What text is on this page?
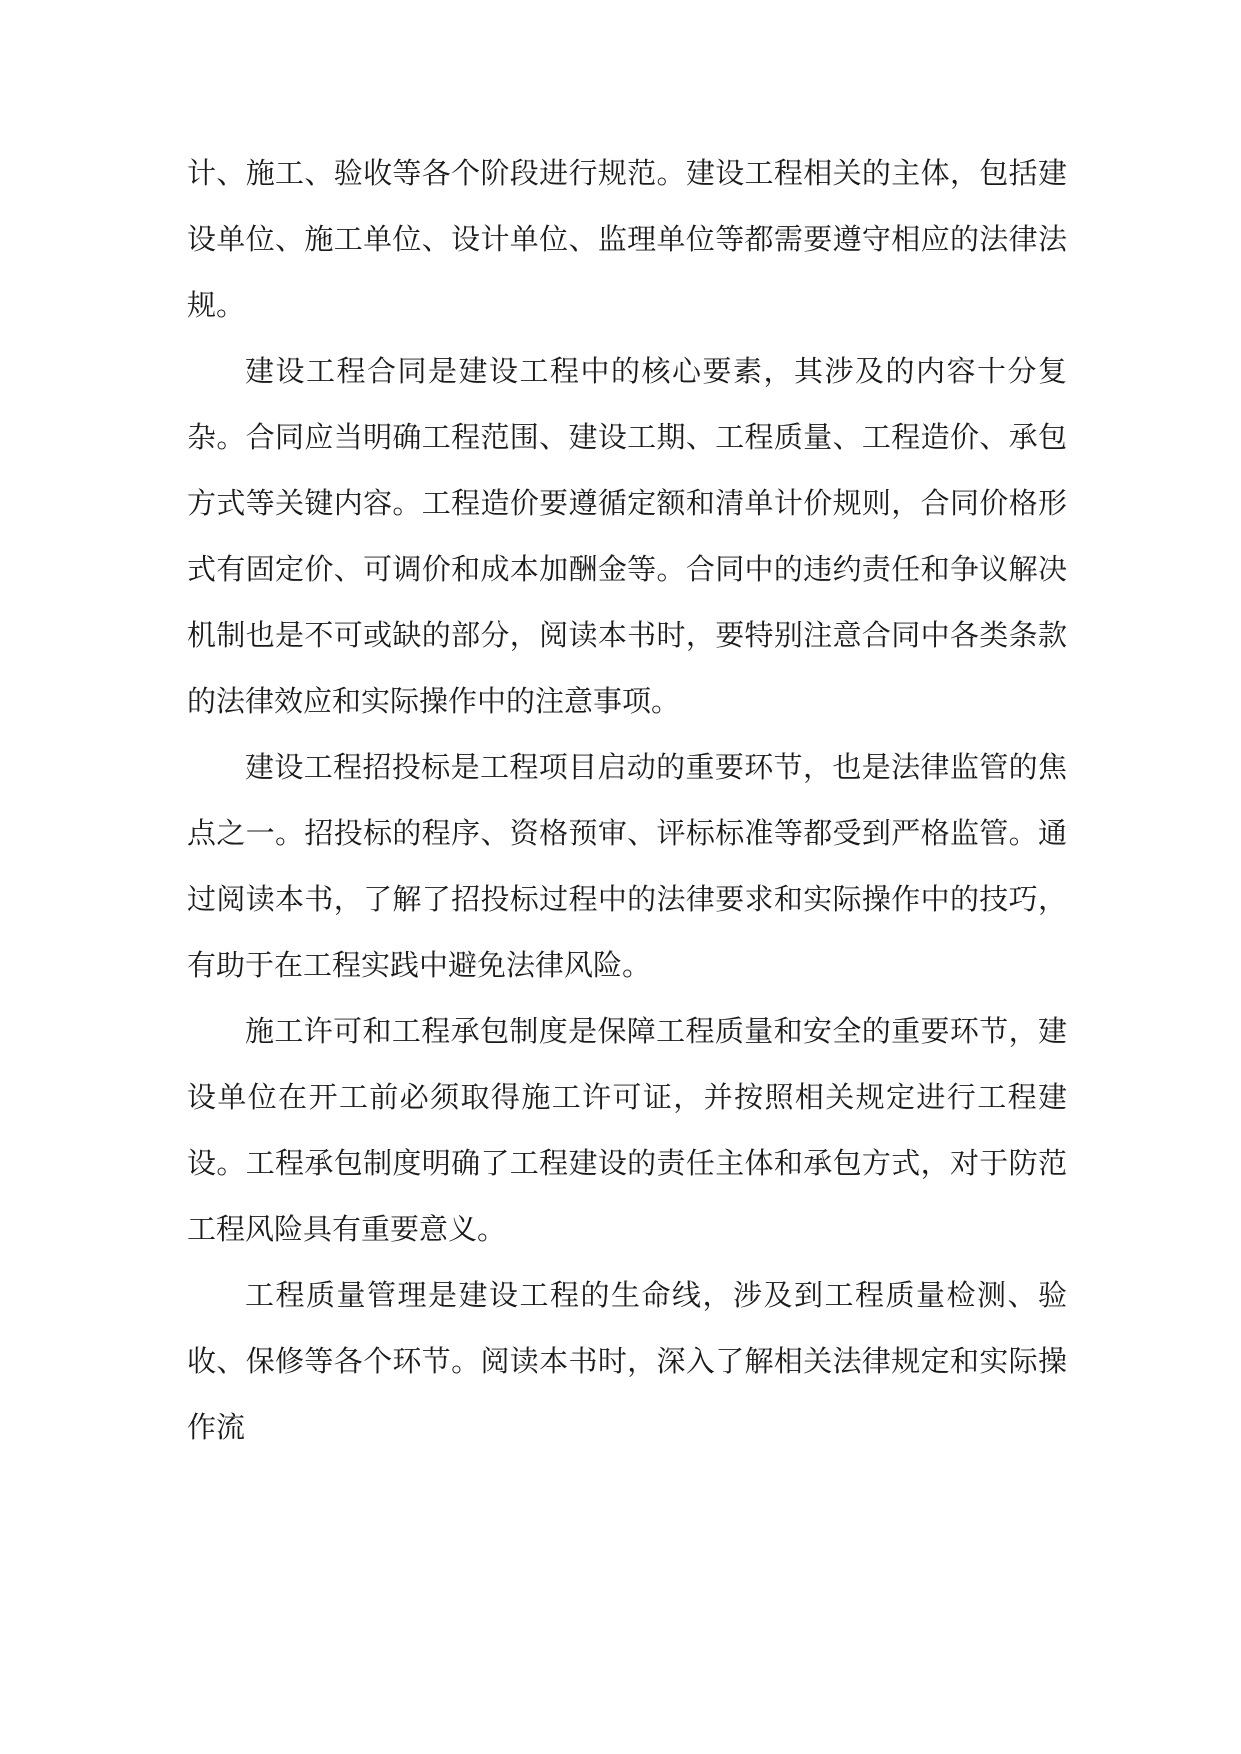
计、施工、验收等各个阶段进行规范。建设工程相关的主体，包括建设单位、施工单位、设计单位、监理单位等都需要遵守相应的法律法规。

建设工程合同是建设工程中的核心要素，其涉及的内容十分复杂。合同应当明确工程范围、建设工期、工程质量、工程造价、承包方式等关键内容。工程造价要遵循定额和清单计价规则，合同价格形式有固定价、可调价和成本加酬金等。合同中的违约责任和争议解决机制也是不可或缺的部分，阅读本书时，要特别注意合同中各类条款的法律效应和实际操作中的注意事项。

建设工程招投标是工程项目启动的重要环节，也是法律监管的焦点之一。招投标的程序、资格预审、评标标准等都受到严格监管。通过阅读本书，了解了招投标过程中的法律要求和实际操作中的技巧，有助于在工程实践中避免法律风险。

施工许可和工程承包制度是保障工程质量和安全的重要环节，建设单位在开工前必须取得施工许可证，并按照相关规定进行工程建设。工程承包制度明确了工程建设的责任主体和承包方式，对于防范工程风险具有重要意义。

工程质量管理是建设工程的生命线，涉及到工程质量检测、验收、保修等各个环节。阅读本书时，深入了解相关法律规定和实际操作流
